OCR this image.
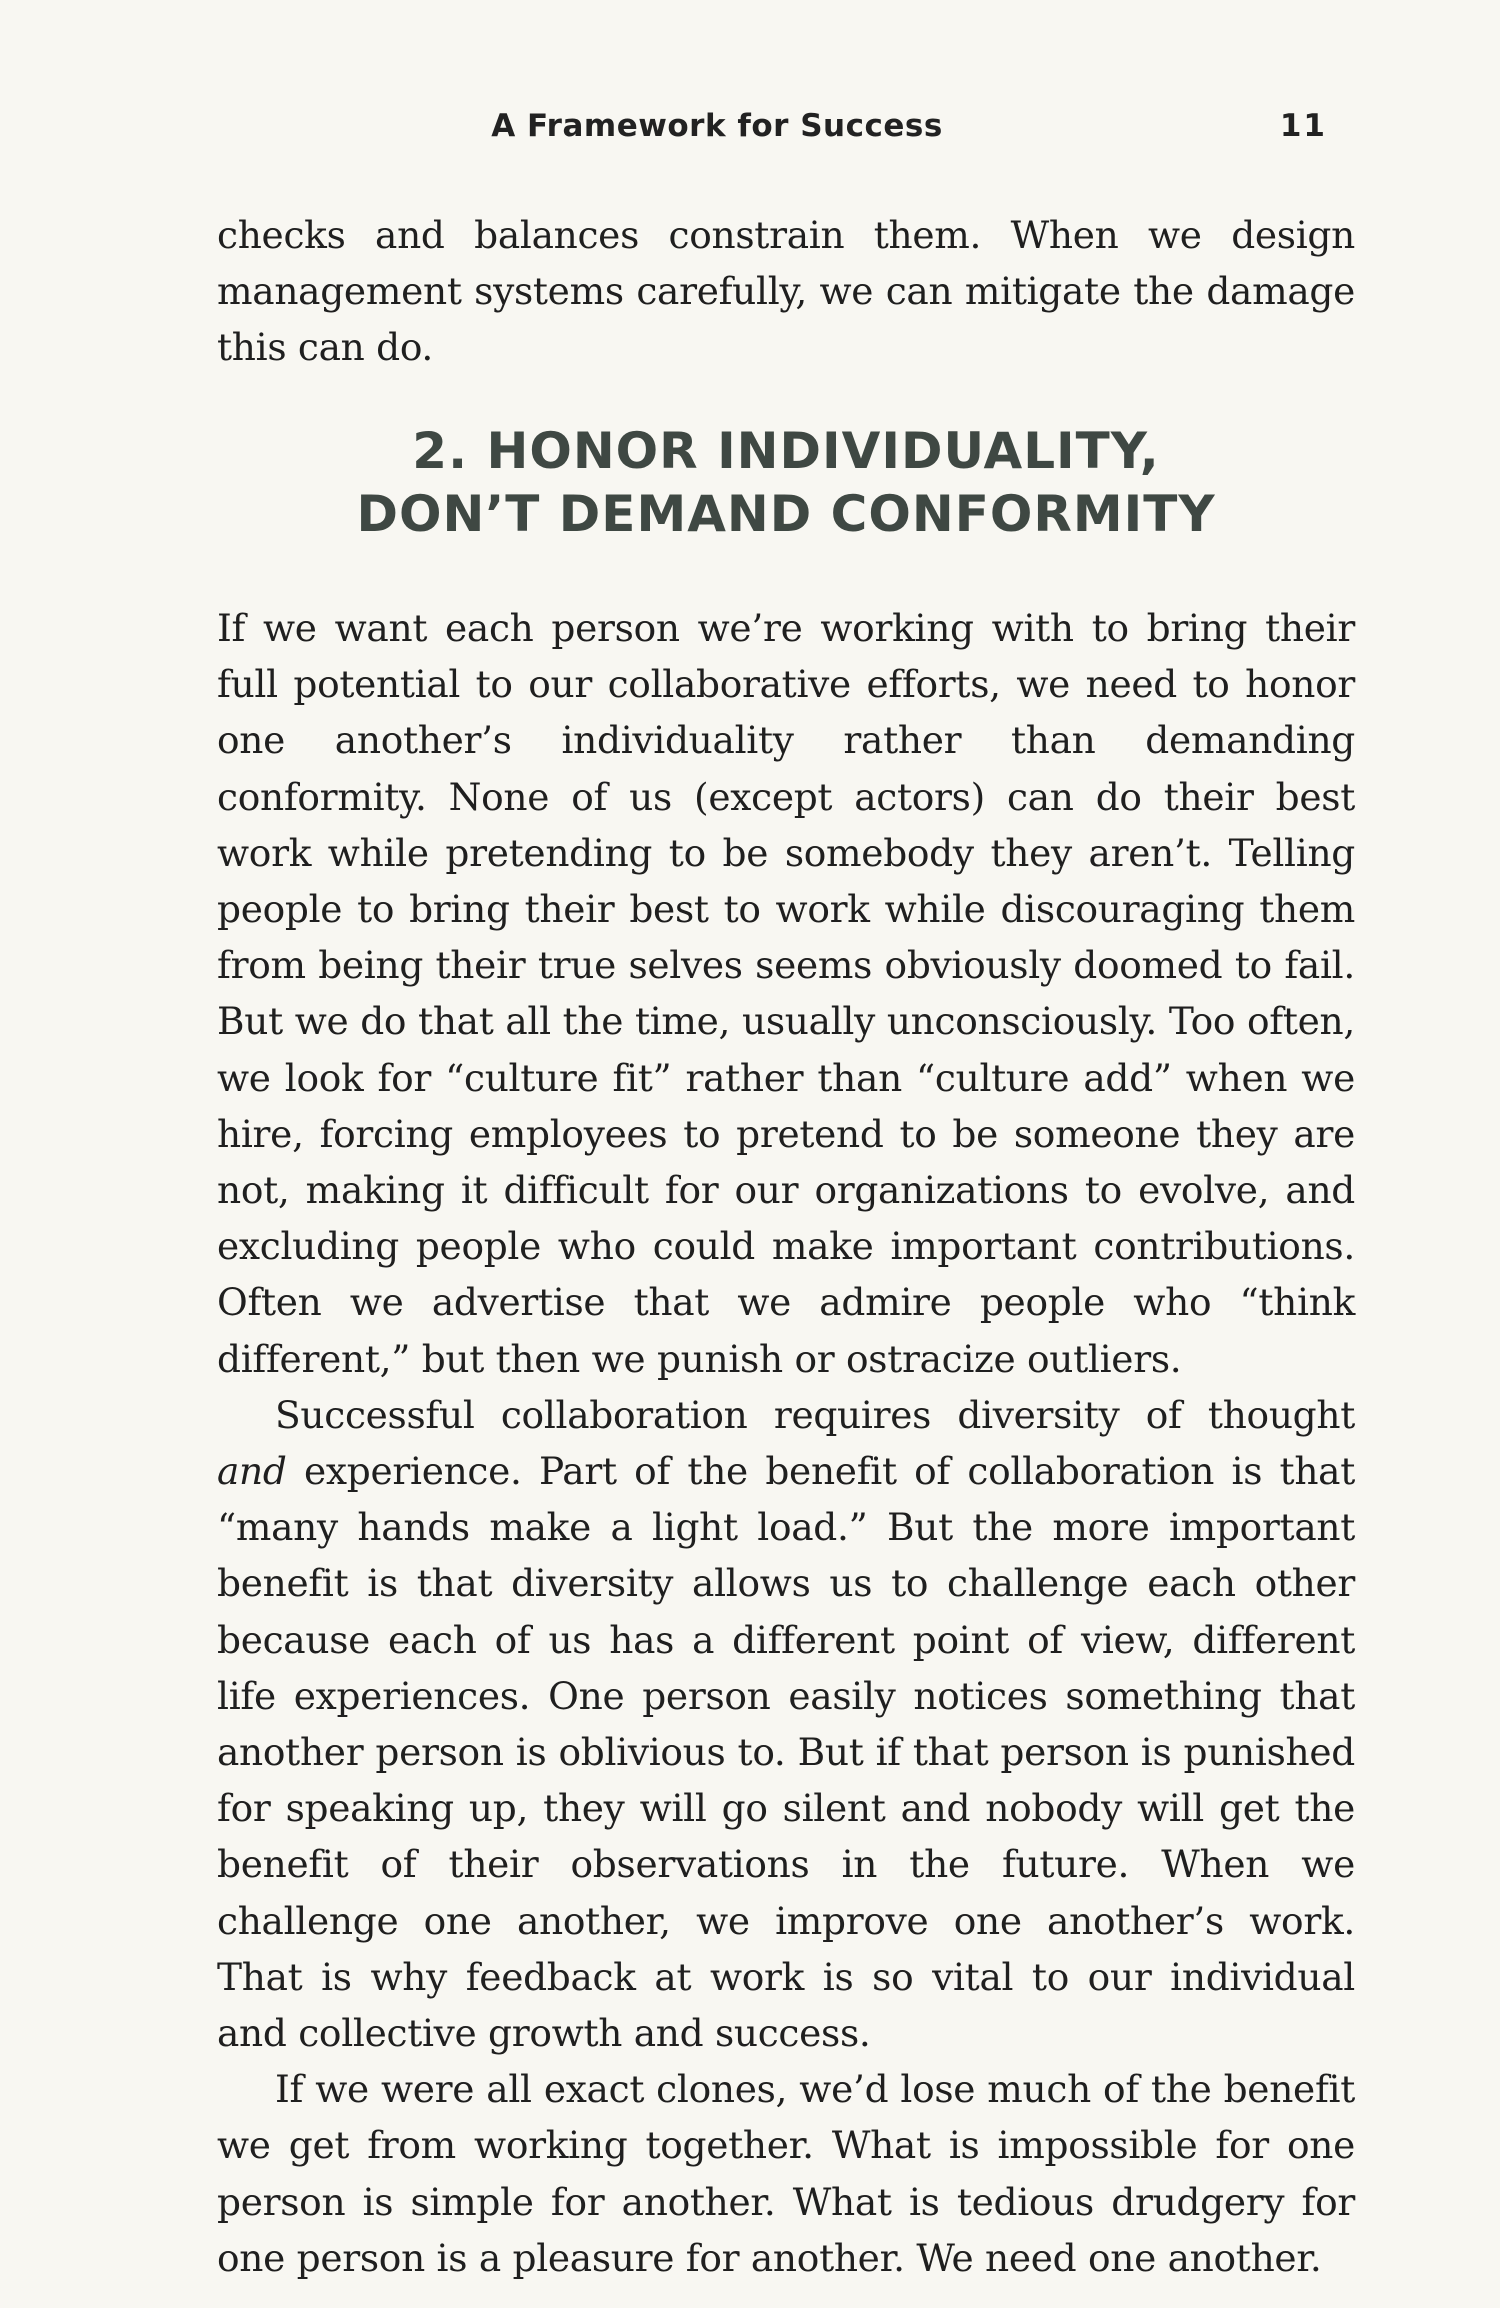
A Framework for Success	11

checks and balances constrain them. When we design management systems carefully, we can mitigate the damage this can do.

2. HONOR INDIVIDUALITY,
DON’T DEMAND CONFORMITY

If we want each person we’re working with to bring their full potential to our collaborative efforts, we need to honor one another’s individuality rather than demanding conformity. None of us (except actors) can do their best work while pretending to be somebody they aren’t. Telling people to bring their best to work while discouraging them from being their true selves seems obviously doomed to fail. But we do that all the time, usually unconsciously. Too often, we look for “culture fit” rather than “culture add” when we hire, forcing employees to pretend to be someone they are not, making it difficult for our organizations to evolve, and excluding people who could make important contributions. Often we advertise that we admire people who “think different,” but then we punish or ostracize outliers.

Successful collaboration requires diversity of thought and experience. Part of the benefit of collaboration is that “many hands make a light load.” But the more important benefit is that diversity allows us to challenge each other because each of us has a different point of view, different life experiences. One person easily notices something that another person is oblivious to. But if that person is punished for speaking up, they will go silent and nobody will get the benefit of their observations in the future. When we challenge one another, we improve one another’s work. That is why feedback at work is so vital to our individual and collective growth and success.

If we were all exact clones, we’d lose much of the benefit we get from working together. What is impossible for one person is simple for another. What is tedious drudgery for one person is a pleasure for another. We need one another.
